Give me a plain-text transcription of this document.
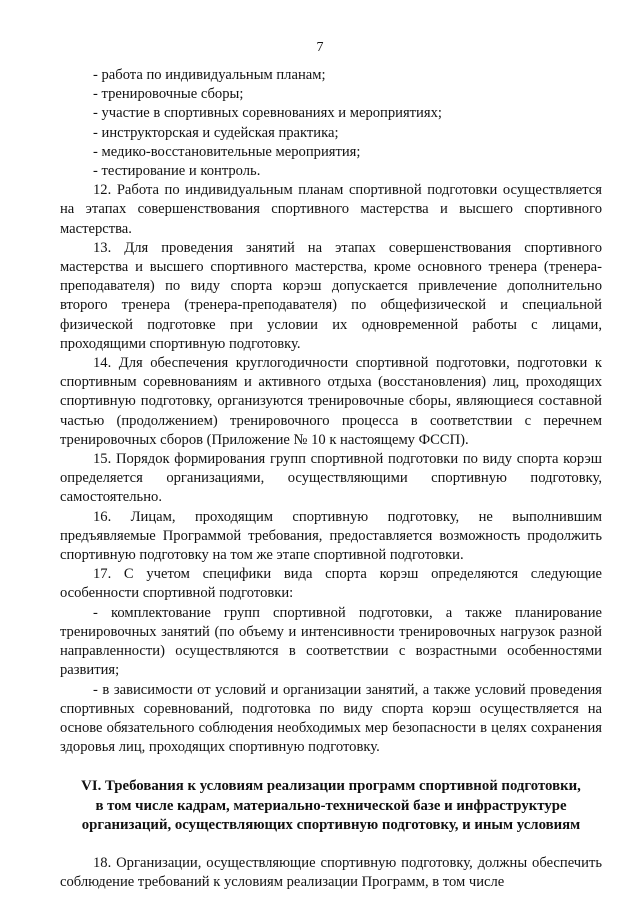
7
- работа по индивидуальным планам;
- тренировочные сборы;
- участие в спортивных соревнованиях и мероприятиях;
- инструкторская и судейская практика;
- медико-восстановительные мероприятия;
- тестирование и контроль.

12. Работа по индивидуальным планам спортивной подготовки осуществляется на этапах совершенствования спортивного мастерства и высшего спортивного мастерства.

13. Для проведения занятий на этапах совершенствования спортивного мастерства и высшего спортивного мастерства, кроме основного тренера (тренера-преподавателя) по виду спорта корэш допускается привлечение дополнительно второго тренера (тренера-преподавателя) по общефизической и специальной физической подготовке при условии их одновременной работы с лицами, проходящими спортивную подготовку.

14. Для обеспечения круглогодичности спортивной подготовки, подготовки к спортивным соревнованиям и активного отдыха (восстановления) лиц, проходящих спортивную подготовку, организуются тренировочные сборы, являющиеся составной частью (продолжением) тренировочного процесса в соответствии с перечнем тренировочных сборов (Приложение № 10 к настоящему ФССП).

15. Порядок формирования групп спортивной подготовки по виду спорта корэш определяется организациями, осуществляющими спортивную подготовку, самостоятельно.

16. Лицам, проходящим спортивную подготовку, не выполнившим предъявляемые Программой требования, предоставляется возможность продолжить спортивную подготовку на том же этапе спортивной подготовки.

17. С учетом специфики вида спорта корэш определяются следующие особенности спортивной подготовки:

- комплектование групп спортивной подготовки, а также планирование тренировочных занятий (по объему и интенсивности тренировочных нагрузок разной направленности) осуществляются в соответствии с возрастными особенностями развития;

- в зависимости от условий и организации занятий, а также условий проведения спортивных соревнований, подготовка по виду спорта корэш осуществляется на основе обязательного соблюдения необходимых мер безопасности в целях сохранения здоровья лиц, проходящих спортивную подготовку.

VI. Требования к условиям реализации программ спортивной подготовки,
в том числе кадрам, материально-технической базе и инфраструктуре
организаций, осуществляющих спортивную подготовку, и иным условиям

18. Организации, осуществляющие спортивную подготовку, должны обеспечить соблюдение требований к условиям реализации Программ, в том числе
